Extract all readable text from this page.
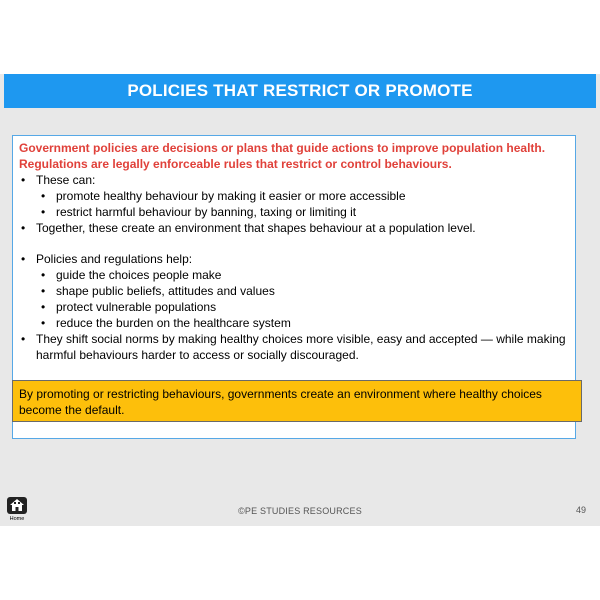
POLICIES THAT RESTRICT OR PROMOTE
Government policies are decisions or plans that guide actions to improve population health. Regulations are legally enforceable rules that restrict or control behaviours.
• These can:
• promote healthy behaviour by making it easier or more accessible
• restrict harmful behaviour by banning, taxing or limiting it
• Together, these create an environment that shapes behaviour at a population level.
• Policies and regulations help:
• guide the choices people make
• shape public beliefs, attitudes and values
• protect vulnerable populations
• reduce the burden on the healthcare system
• They shift social norms by making healthy choices more visible, easy and accepted — while making harmful behaviours harder to access or socially discouraged.
By promoting or restricting behaviours, governments create an environment where healthy choices become the default.
Home
©PE STUDIES RESOURCES	49
